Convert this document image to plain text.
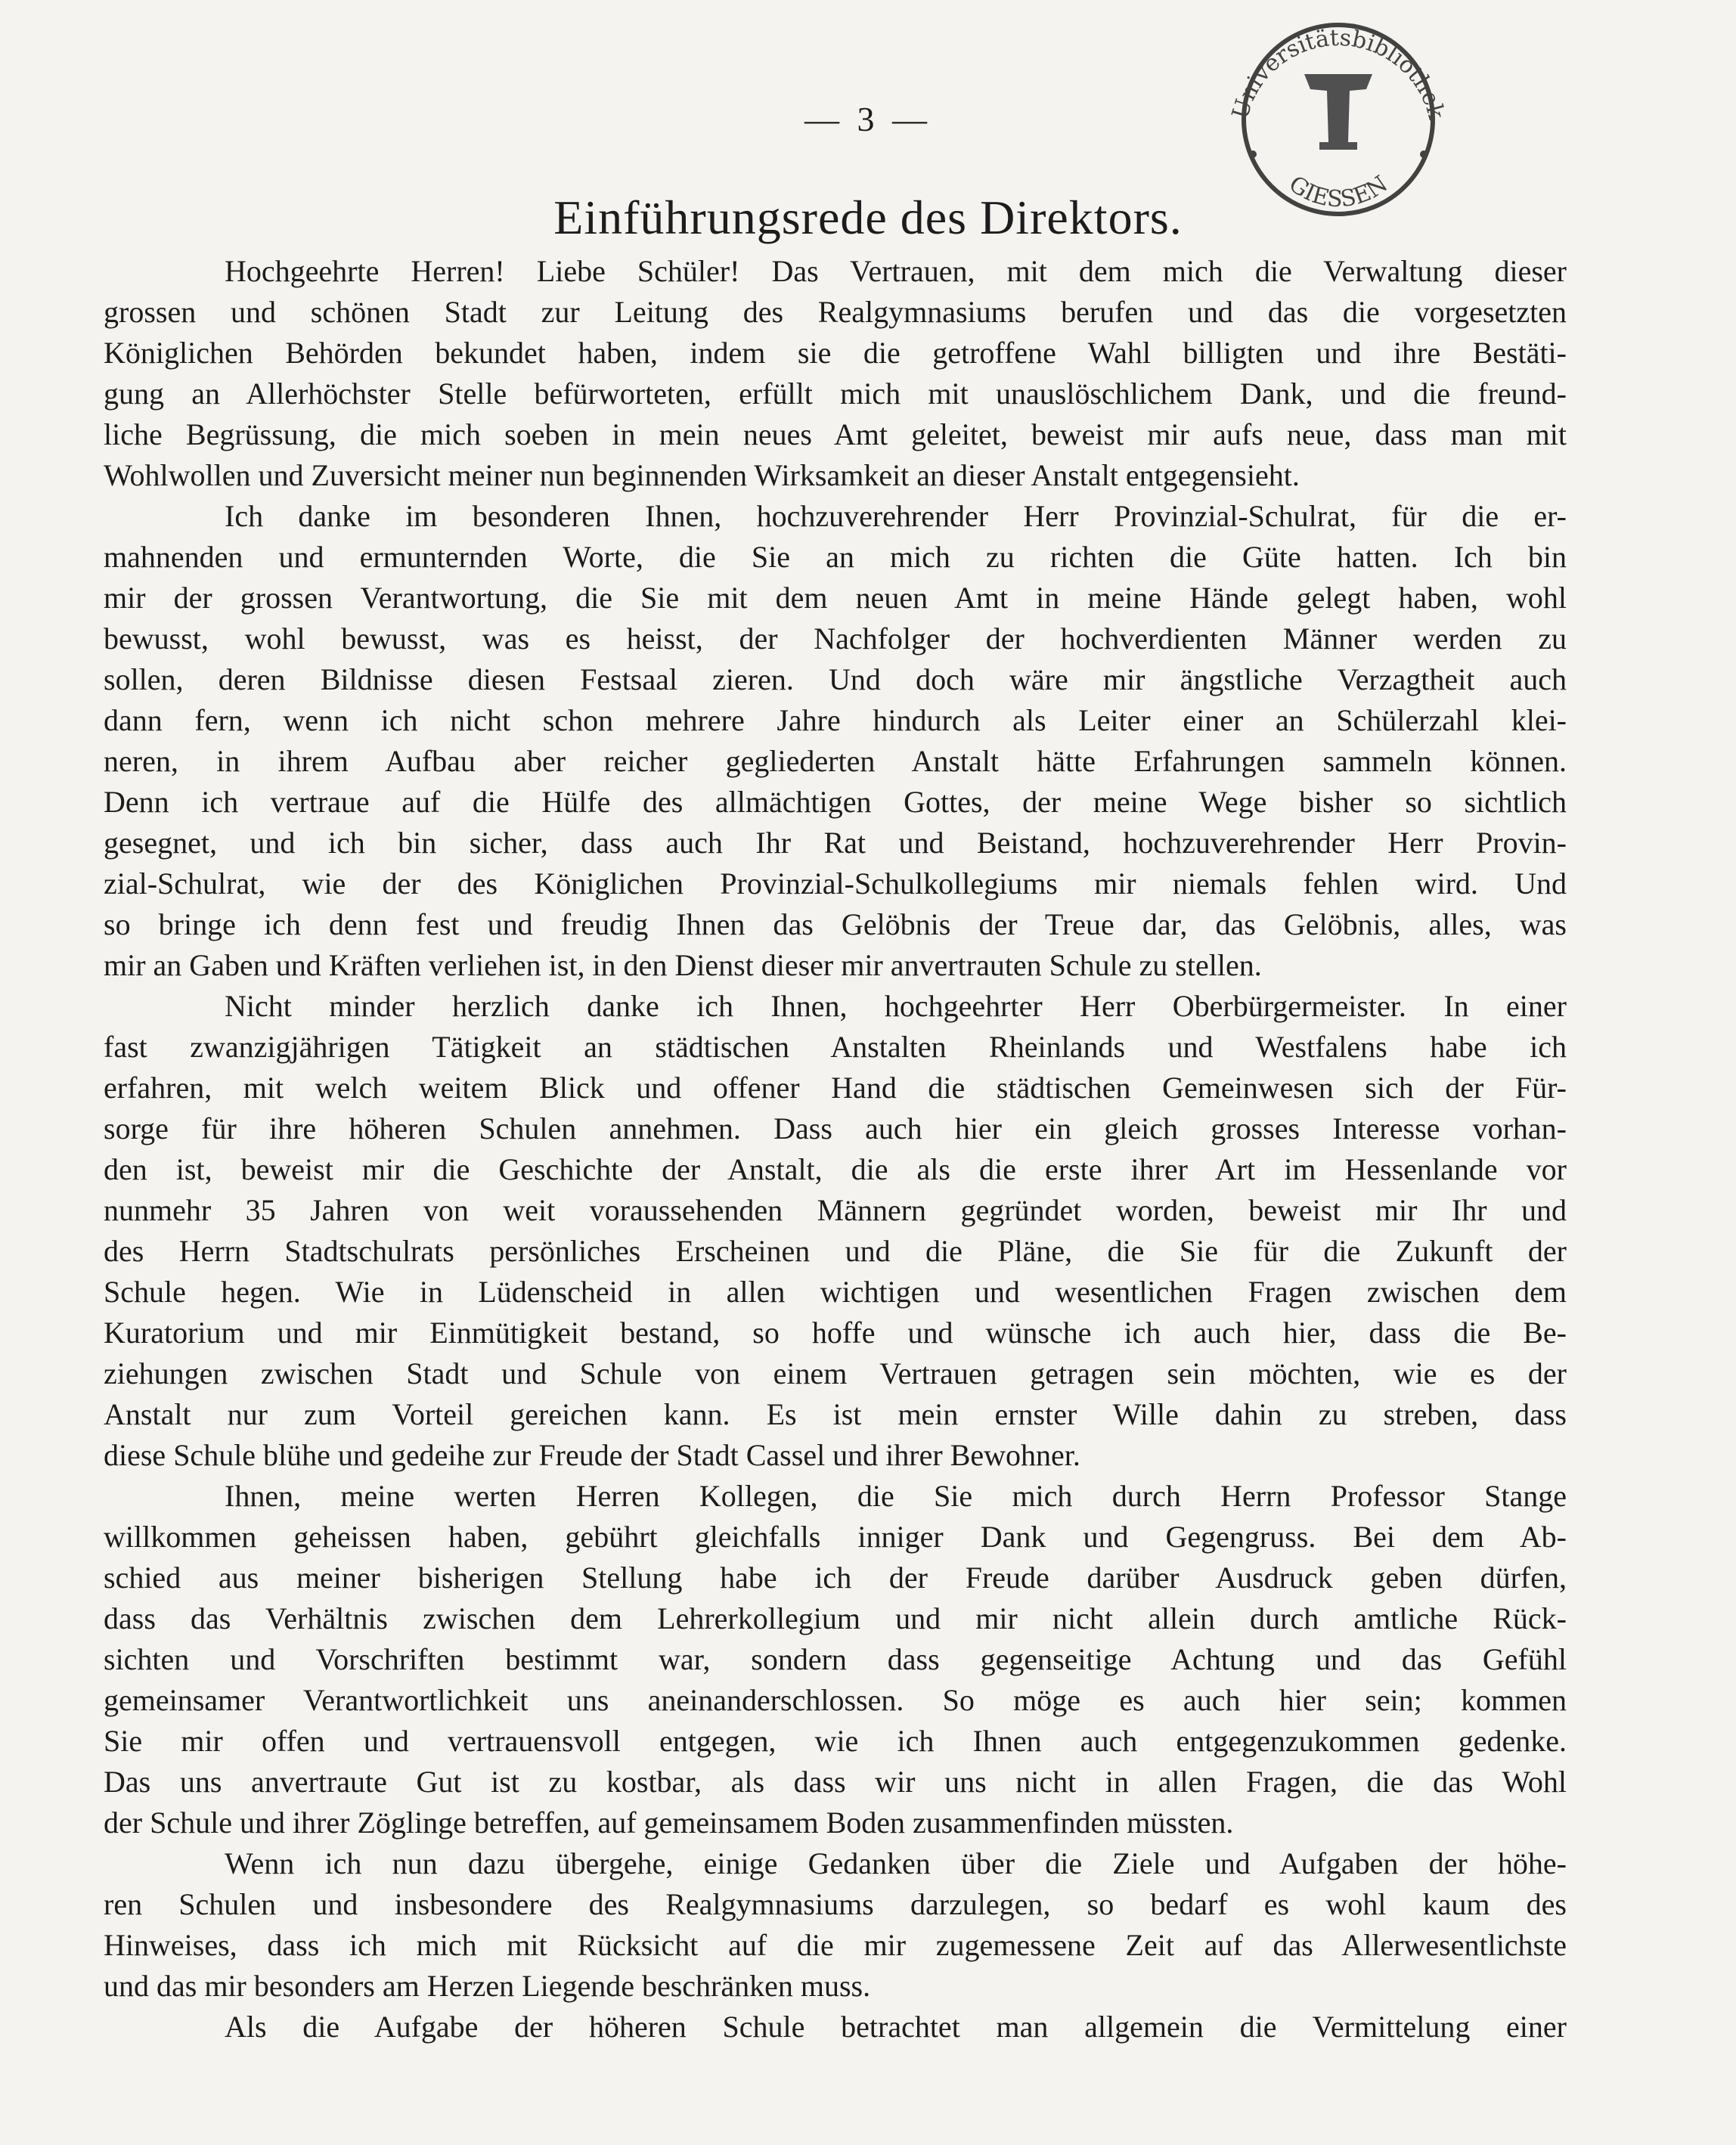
Universitätsbibliothek
GIESSEN
— 3 —
Einführungsrede des Direktors.
Hochgeehrte Herren! Liebe Schüler! Das Vertrauen, mit dem mich die Verwaltung dieser
grossen und schönen Stadt zur Leitung des Realgymnasiums berufen und das die vorgesetzten
Königlichen Behörden bekundet haben, indem sie die getroffene Wahl billigten und ihre Bestäti-
gung an Allerhöchster Stelle befürworteten, erfüllt mich mit unauslöschlichem Dank, und die freund-
liche Begrüssung, die mich soeben in mein neues Amt geleitet, beweist mir aufs neue, dass man mit
Wohlwollen und Zuversicht meiner nun beginnenden Wirksamkeit an dieser Anstalt entgegensieht.
Ich danke im besonderen Ihnen, hochzuverehrender Herr Provinzial-Schulrat, für die er-
mahnenden und ermunternden Worte, die Sie an mich zu richten die Güte hatten. Ich bin
mir der grossen Verantwortung, die Sie mit dem neuen Amt in meine Hände gelegt haben, wohl
bewusst, wohl bewusst, was es heisst, der Nachfolger der hochverdienten Männer werden zu
sollen, deren Bildnisse diesen Festsaal zieren. Und doch wäre mir ängstliche Verzagtheit auch
dann fern, wenn ich nicht schon mehrere Jahre hindurch als Leiter einer an Schülerzahl klei-
neren, in ihrem Aufbau aber reicher gegliederten Anstalt hätte Erfahrungen sammeln können.
Denn ich vertraue auf die Hülfe des allmächtigen Gottes, der meine Wege bisher so sichtlich
gesegnet, und ich bin sicher, dass auch Ihr Rat und Beistand, hochzuverehrender Herr Provin-
zial-Schulrat, wie der des Königlichen Provinzial-Schulkollegiums mir niemals fehlen wird. Und
so bringe ich denn fest und freudig Ihnen das Gelöbnis der Treue dar, das Gelöbnis, alles, was
mir an Gaben und Kräften verliehen ist, in den Dienst dieser mir anvertrauten Schule zu stellen.
Nicht minder herzlich danke ich Ihnen, hochgeehrter Herr Oberbürgermeister. In einer
fast zwanzigjährigen Tätigkeit an städtischen Anstalten Rheinlands und Westfalens habe ich
erfahren, mit welch weitem Blick und offener Hand die städtischen Gemeinwesen sich der Für-
sorge für ihre höheren Schulen annehmen. Dass auch hier ein gleich grosses Interesse vorhan-
den ist, beweist mir die Geschichte der Anstalt, die als die erste ihrer Art im Hessenlande vor
nunmehr 35 Jahren von weit voraussehenden Männern gegründet worden, beweist mir Ihr und
des Herrn Stadtschulrats persönliches Erscheinen und die Pläne, die Sie für die Zukunft der
Schule hegen. Wie in Lüdenscheid in allen wichtigen und wesentlichen Fragen zwischen dem
Kuratorium und mir Einmütigkeit bestand, so hoffe und wünsche ich auch hier, dass die Be-
ziehungen zwischen Stadt und Schule von einem Vertrauen getragen sein möchten, wie es der
Anstalt nur zum Vorteil gereichen kann. Es ist mein ernster Wille dahin zu streben, dass
diese Schule blühe und gedeihe zur Freude der Stadt Cassel und ihrer Bewohner.
Ihnen, meine werten Herren Kollegen, die Sie mich durch Herrn Professor Stange
willkommen geheissen haben, gebührt gleichfalls inniger Dank und Gegengruss. Bei dem Ab-
schied aus meiner bisherigen Stellung habe ich der Freude darüber Ausdruck geben dürfen,
dass das Verhältnis zwischen dem Lehrerkollegium und mir nicht allein durch amtliche Rück-
sichten und Vorschriften bestimmt war, sondern dass gegenseitige Achtung und das Gefühl
gemeinsamer Verantwortlichkeit uns aneinanderschlossen. So möge es auch hier sein; kommen
Sie mir offen und vertrauensvoll entgegen, wie ich Ihnen auch entgegenzukommen gedenke.
Das uns anvertraute Gut ist zu kostbar, als dass wir uns nicht in allen Fragen, die das Wohl
der Schule und ihrer Zöglinge betreffen, auf gemeinsamem Boden zusammenfinden müssten.
Wenn ich nun dazu übergehe, einige Gedanken über die Ziele und Aufgaben der höhe-
ren Schulen und insbesondere des Realgymnasiums darzulegen, so bedarf es wohl kaum des
Hinweises, dass ich mich mit Rücksicht auf die mir zugemessene Zeit auf das Allerwesentlichste
und das mir besonders am Herzen Liegende beschränken muss.
Als die Aufgabe der höheren Schule betrachtet man allgemein die Vermittelung einer
